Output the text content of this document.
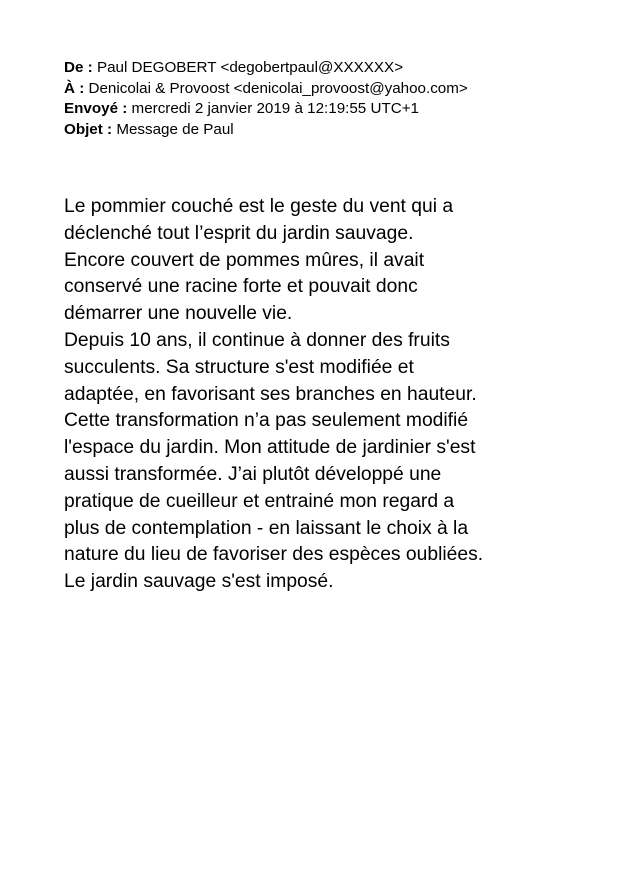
De : Paul DEGOBERT <degobertpaul@XXXXXX>
À : Denicolai & Provoost <denicolai_provoost@yahoo.com>
Envoyé : mercredi 2 janvier 2019 à 12:19:55 UTC+1
Objet : Message de Paul
Le pommier couché est le geste du vent qui a
déclenché tout l’esprit du jardin sauvage.
Encore couvert de pommes mûres, il avait
conservé une racine forte et pouvait donc
démarrer une nouvelle vie.
Depuis 10 ans, il continue à donner des fruits
succulents. Sa structure s'est modifiée et
adaptée, en favorisant ses branches en hauteur.
Cette transformation n’a pas seulement modifié
l'espace du jardin. Mon attitude de jardinier s'est
aussi transformée. J’ai plutôt développé une
pratique de cueilleur et entrainé mon regard a
plus de contemplation - en laissant le choix à la
nature du lieu de favoriser des espèces oubliées.
Le jardin sauvage s'est imposé.
